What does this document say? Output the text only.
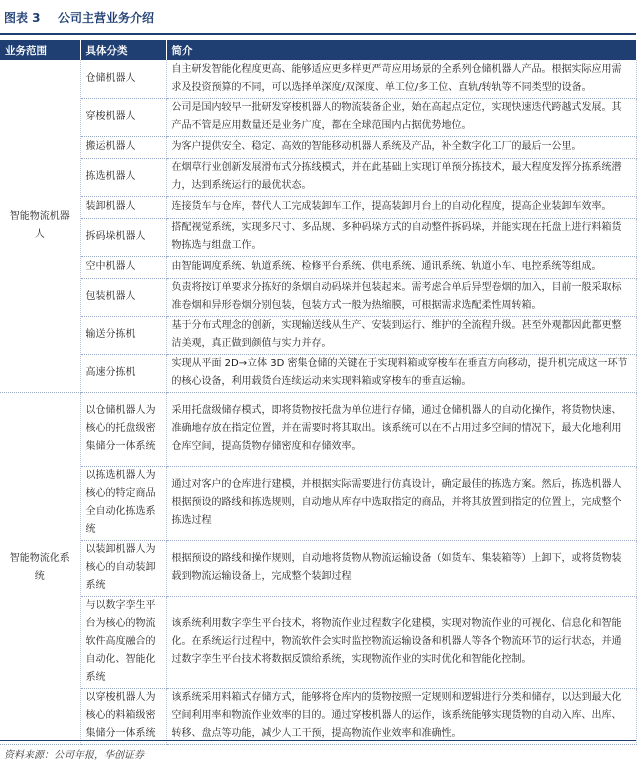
图表 3 公司主营业务介绍
业务范围	具体分类	简介
智能物流机器人	仓储机器人	自主研发智能化程度更高、能够适应更多样更严苛应用场景的全系列仓储机器人产品。根据实际应用需求及投资预算的不同，可以选择单深度/双深度、单工位/多工位、直轨/转轨等不同类型的设备。
	穿梭机器人	公司是国内较早一批研发穿梭机器人的物流装备企业，始在高起点定位，实现快速迭代跨越式发展。其产品不管是应用数量还是业务广度，都在全球范围内占据优势地位。
	搬运机器人	为客户提供安全、稳定、高效的智能移动机器人系统及产品，补全数字化工厂的最后一公里。
	拣选机器人	在烟草行业创新发展滑布式分拣线模式，并在此基础上实现订单预分拣技术，最大程度发挥分拣系统潜力，达到系统运行的最优状态。
	装卸机器人	连接货车与仓库，替代人工完成装卸车工作，提高装卸月台上的自动化程度，提高企业装卸车效率。
	拆码垛机器人	搭配视觉系统，实现多尺寸、多品规、多种码垛方式的自动整件拆码垛，并能实现在托盘上进行料箱货物拣选与组盘工作。
	空中机器人	由智能调度系统、轨道系统、检修平台系统、供电系统、通讯系统、轨道小车、电控系统等组成。
	包装机器人	负责将按订单要求分拣好的条烟自动码垛并包装起来。需考虑合单后异型卷烟的加入，目前一般采取标准卷烟和异形卷烟分别包装，包装方式一般为热缩膜，可根据需求选配柔性周转箱。
	输送分拣机	基于分布式理念的创新，实现输送线从生产、安装到运行、维护的全流程升级。甚至外观都因此都更整洁美观，真正做到颜值与实力并存。
	高速分拣机	实现从平面 2D→立体 3D 密集仓储的关键在于实现料箱或穿梭车在垂直方向移动，提升机完成这一环节的核心设备，利用载货台连续运动来实现料箱或穿梭车的垂直运输。
智能物流化系统	以仓储机器人为核心的托盘级密集储分一体系统	采用托盘级储存模式，即将货物按托盘为单位进行存储，通过仓储机器人的自动化操作，将货物快速、准确地存放在指定位置，并在需要时将其取出。该系统可以在不占用过多空间的情况下，最大化地利用仓库空间，提高货物存储密度和存储效率。
	以拣选机器人为核心的特定商品全自动化拣选系统	通过对客户的仓库进行建模，并根据实际需要进行仿真设计，确定最佳的拣选方案。然后，拣选机器人根据预设的路线和拣选规则，自动地从库存中选取指定的商品，并将其放置到指定的位置上，完成整个拣选过程
	以装卸机器人为核心的自动装卸系统	根据预设的路线和操作规则，自动地将货物从物流运输设备（如货车、集装箱等）上卸下，或将货物装载到物流运输设备上，完成整个装卸过程
	与以数字孪生平台为核心的物流软件高度融合的自动化、智能化系统	该系统利用数字孪生平台技术，将物流作业过程数字化建模，实现对物流作业的可视化、信息化和智能化。在系统运行过程中，物流软件会实时监控物流运输设备和机器人等各个物流环节的运行状态，并通过数字孪生平台技术将数据反馈给系统，实现物流作业的实时优化和智能化控制。
	以穿梭机器人为核心的料箱级密集储分一体系统	该系统采用料箱式存储方式，能够将仓库内的货物按照一定规则和逻辑进行分类和储存，以达到最大化空间利用率和物流作业效率的目的。通过穿梭机器人的运作，该系统能够实现货物的自动入库、出库、转移、盘点等功能，减少人工干预，提高物流作业效率和准确性。
资料来源：公司年报，华创证券
